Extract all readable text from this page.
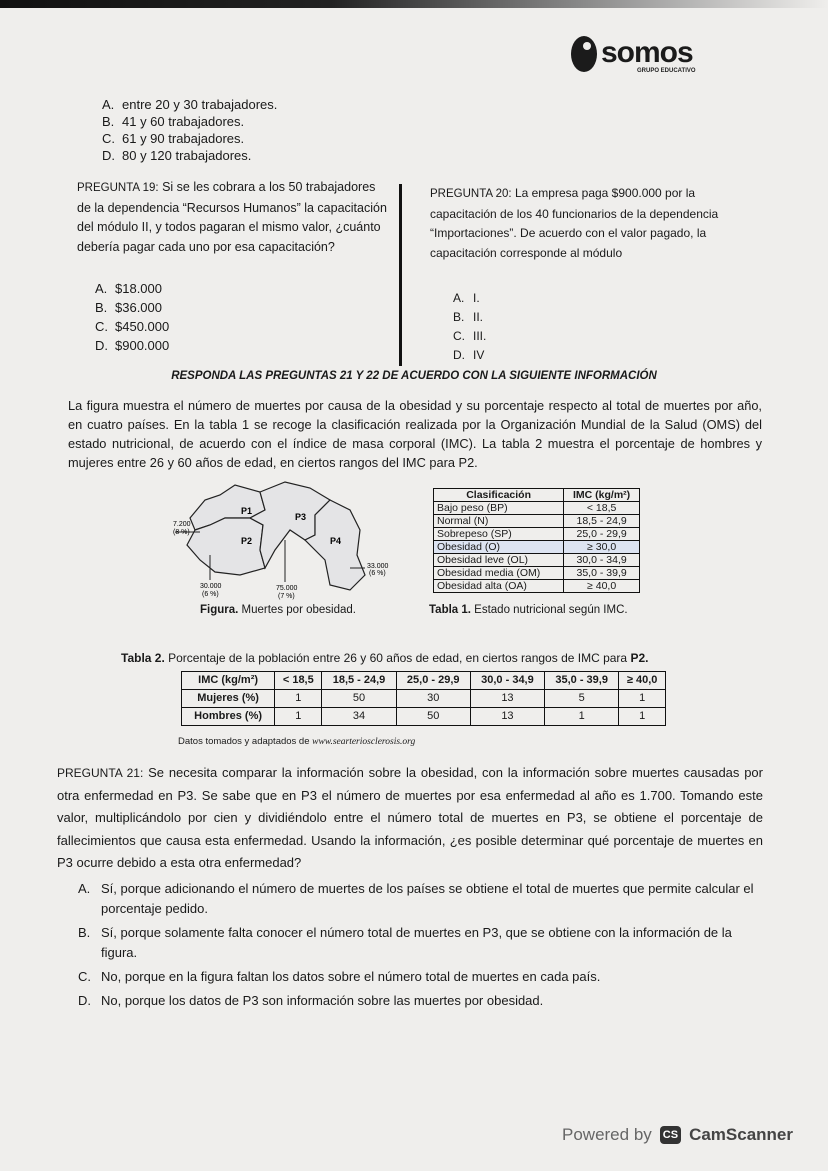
somos
GRUPO EDUCATIVO
A. entre 20 y 30 trabajadores.
B. 41 y 60 trabajadores.
C. 61 y 90 trabajadores.
D. 80 y 120 trabajadores.
PREGUNTA 19: Si se les cobrara a los 50 trabajadores de la dependencia “Recursos Humanos” la capacitación del módulo II, y todos pagaran el mismo valor, ¿cuánto debería pagar cada uno por esa capacitación?
A. $18.000
B. $36.000
C. $450.000
D. $900.000
PREGUNTA 20: La empresa paga $900.000 por la capacitación de los 40 funcionarios de la dependencia “Importaciones”. De acuerdo con el valor pagado, la capacitación corresponde al módulo
A. I.
B. II.
C. III.
D. IV
RESPONDA LAS PREGUNTAS 21 Y 22 DE ACUERDO CON LA SIGUIENTE INFORMACIÓN
La figura muestra el número de muertes por causa de la obesidad y su porcentaje respecto al total de muertes por año, en cuatro países. En la tabla 1 se recoge la clasificación realizada por la Organización Mundial de la Salud (OMS) del estado nutricional, de acuerdo con el índice de masa corporal (IMC). La tabla 2 muestra el porcentaje de hombres y mujeres entre 26 y 60 años de edad, en ciertos rangos del IMC para P2.
P1
P2
P3
P4
7.200
(8 %)
30.000
(6 %)
75.000
(7 %)
33.000
(6 %)
Figura. Muertes por obesidad.
Clasificación	IMC (kg/m²)
Bajo peso (BP)	< 18,5
Normal (N)	18,5 - 24,9
Sobrepeso (SP)	25,0 - 29,9
Obesidad (O)	≥ 30,0
Obesidad leve (OL)	30,0 - 34,9
Obesidad media (OM)	35,0 - 39,9
Obesidad alta (OA)	≥ 40,0
Tabla 1. Estado nutricional según IMC.
Tabla 2. Porcentaje de la población entre 26 y 60 años de edad, en ciertos rangos de IMC para P2.
IMC (kg/m²)	< 18,5	18,5 - 24,9	25,0 - 29,9	30,0 - 34,9	35,0 - 39,9	≥ 40,0
Mujeres (%)	1	50	30	13	5	1
Hombres (%)	1	34	50	13	1	1
Datos tomados y adaptados de www.searteriosclerosis.org
PREGUNTA 21: Se necesita comparar la información sobre la obesidad, con la información sobre muertes causadas por otra enfermedad en P3. Se sabe que en P3 el número de muertes por esa enfermedad al año es 1.700. Tomando este valor, multiplicándolo por cien y dividiéndolo entre el número total de muertes en P3, se obtiene el porcentaje de fallecimientos que causa esta enfermedad. Usando la información, ¿es posible determinar qué porcentaje de muertes en P3 ocurre debido a esta otra enfermedad?
A. Sí, porque adicionando el número de muertes de los países se obtiene el total de muertes que permite calcular el porcentaje pedido.
B. Sí, porque solamente falta conocer el número total de muertes en P3, que se obtiene con la información de la figura.
C. No, porque en la figura faltan los datos sobre el número total de muertes en cada país.
D. No, porque los datos de P3 son información sobre las muertes por obesidad.
Powered by CS CamScanner
